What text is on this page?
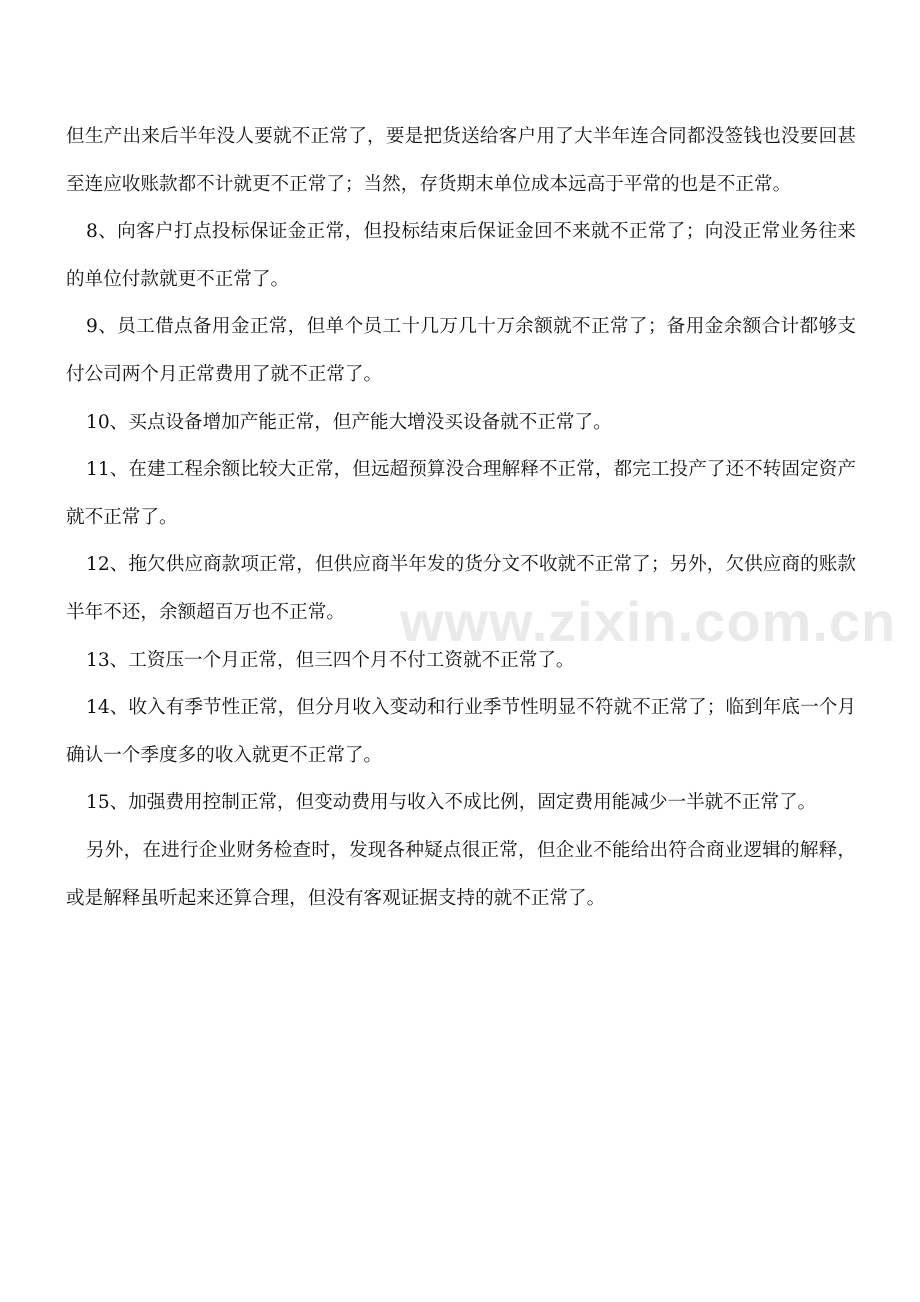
但生产出来后半年没人要就不正常了，要是把货送给客户用了大半年连合同都没签钱也没要回甚至连应收账款都不计就更不正常了；当然，存货期末单位成本远高于平常的也是不正常。

8、向客户打点投标保证金正常，但投标结束后保证金回不来就不正常了；向没正常业务往来的单位付款就更不正常了。

9、员工借点备用金正常，但单个员工十几万几十万余额就不正常了；备用金余额合计都够支付公司两个月正常费用了就不正常了。

10、买点设备增加产能正常，但产能大增没买设备就不正常了。

11、在建工程余额比较大正常，但远超预算没合理解释不正常，都完工投产了还不转固定资产就不正常了。

12、拖欠供应商款项正常，但供应商半年发的货分文不收就不正常了；另外，欠供应商的账款半年不还，余额超百万也不正常。

13、工资压一个月正常，但三四个月不付工资就不正常了。

14、收入有季节性正常，但分月收入变动和行业季节性明显不符就不正常了；临到年底一个月确认一个季度多的收入就更不正常了。

15、加强费用控制正常，但变动费用与收入不成比例，固定费用能减少一半就不正常了。

另外，在进行企业财务检查时，发现各种疑点很正常，但企业不能给出符合商业逻辑的解释，或是解释虽听起来还算合理，但没有客观证据支持的就不正常了。

www.zixin.com.cn
